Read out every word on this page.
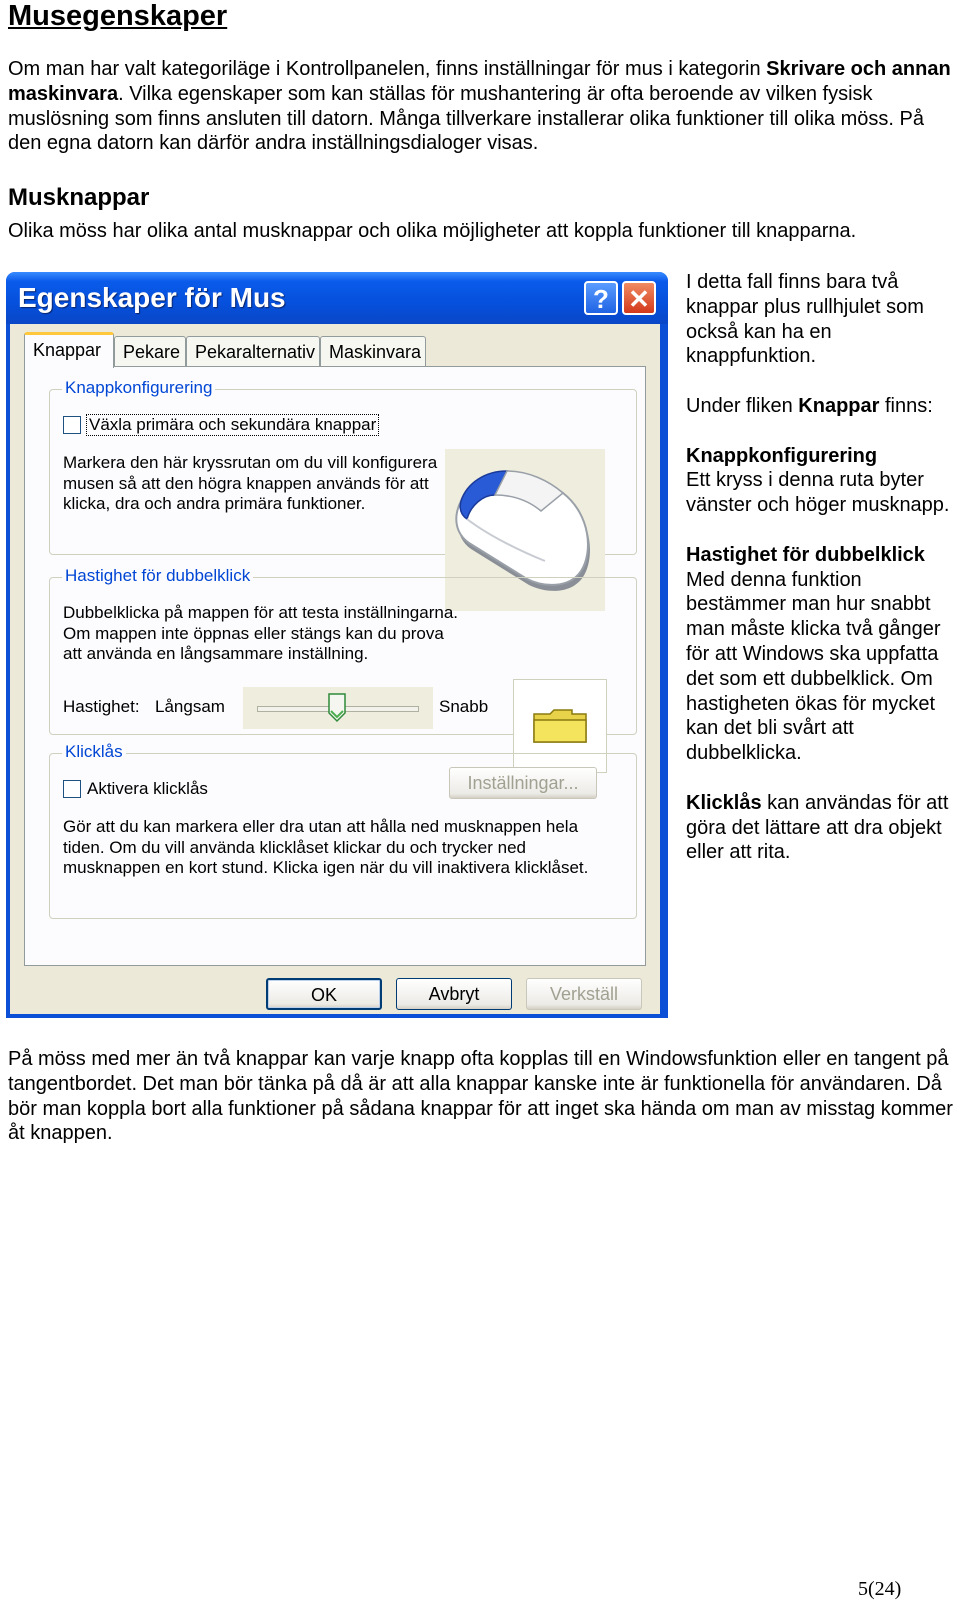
Musegenskaper

Om man har valt kategoriläge i Kontrollpanelen, finns inställningar för mus i kategorin Skrivare och annan maskinvara. Vilka egenskaper som kan ställas för mushantering är ofta beroende av vilken fysisk muslösning som finns ansluten till datorn. Många tillverkare installerar olika funktioner till olika möss. På den egna datorn kan därför andra inställningsdialoger visas.

Musknappar

Olika möss har olika antal musknappar och olika möjligheter att koppla funktioner till knapparna.

Egenskaper för Mus	? ✕
Knappar	Pekare Pekaralternativ Maskinvara
Knappkonfigurering
Växla primära och sekundära knappar
Markera den här kryssrutan om du vill konfigurera musen så att den högra knappen används för att klicka, dra och andra primära funktioner.
Hastighet för dubbelklick
Dubbelklicka på mappen för att testa inställningarna. Om mappen inte öppnas eller stängs kan du prova att använda en långsammare inställning.
Hastighet: Långsam	Snabb
Klicklås
Aktivera klicklås	Inställningar...
Gör att du kan markera eller dra utan att hålla ned musknappen hela tiden. Om du vill använda klicklåset klickar du och trycker ned musknappen en kort stund. Klicka igen när du vill inaktivera klicklåset.
OK	Avbryt	Verkställ

I detta fall finns bara två knappar plus rullhjulet som också kan ha en knappfunktion.

Under fliken Knappar finns:

Knappkonfigurering
Ett kryss i denna ruta byter vänster och höger musknapp.

Hastighet för dubbelklick
Med denna funktion bestämmer man hur snabbt man måste klicka två gånger för att Windows ska uppfatta det som ett dubbelklick. Om hastigheten ökas för mycket kan det bli svårt att dubbelklicka.

Klicklås kan användas för att göra det lättare att dra objekt eller att rita.

På möss med mer än två knappar kan varje knapp ofta kopplas till en Windowsfunktion eller en tangent på tangentbordet. Det man bör tänka på då är att alla knappar kanske inte är funktionella för användaren. Då bör man koppla bort alla funktioner på sådana knappar för att inget ska hända om man av misstag kommer åt knappen.

5(24)
